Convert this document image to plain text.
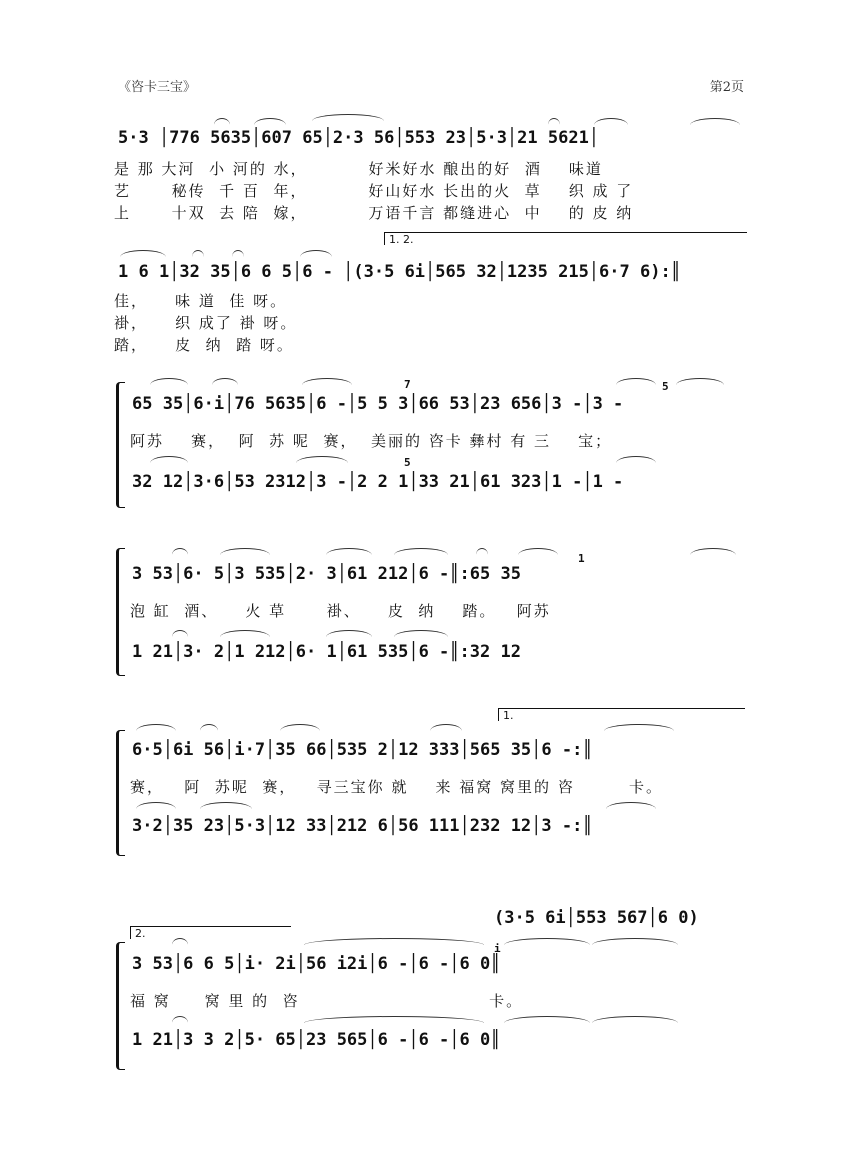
《咨卡三宝》	第2页
5·3 │776 5635│607 65│2·3 56│553 23│5·3│21 5621│
是 那 大河  小 河的 水，         好米好水 酿出的好  酒    味道
艺      秘传  千 百  年，         好山好水 长出的火  草    织 成 了
上      十双  去 陪  嫁，         万语千言 都缝进心  中    的 皮 纳
1. 2.
1 6 1│32 35│6 6 5│6 - │(3·5 6i│565 32│1235 215│6·7 6):║
佳，    味 道  佳 呀。
褂，    织 成了 褂 呀。
踏，    皮  纳  踏 呀。
65 35│6·i│76 5635│6 -│5 5 3│66 53│23 656│3 -│3 -
7	5
阿苏    赛，  阿  苏 呢  赛，  美丽的 咨卡 彝村 有 三    宝；
32 12│3·6│53 2312│3 -│2 2 1│33 21│61 323│1 -│1 -
5
3 53│6· 5│3 535│2· 3│61 212│6 -║:65 35
1
泡 缸  酒、    火 草      褂、    皮  纳    踏。   阿苏
1 21│3· 2│1 212│6· 1│61 535│6 -║:32 12
1.
6·5│6i 56│i·7│35 66│535 2│12 333│565 35│6 -:║
赛，   阿  苏呢  赛，   寻三宝你 就    来 福窝 窝里的 咨        卡。
3·2│35 23│5·3│12 33│212 6│56 111│232 12│3 -:║
(3·5 6i│553 567│6 0)
2.
3 53│6 6 5│i· 2i│56 i2i│6 -│6 -│6 0║
i
福 窝     窝 里 的  咨                            卡。
1 21│3 3 2│5· 65│23 565│6 -│6 -│6 0║
